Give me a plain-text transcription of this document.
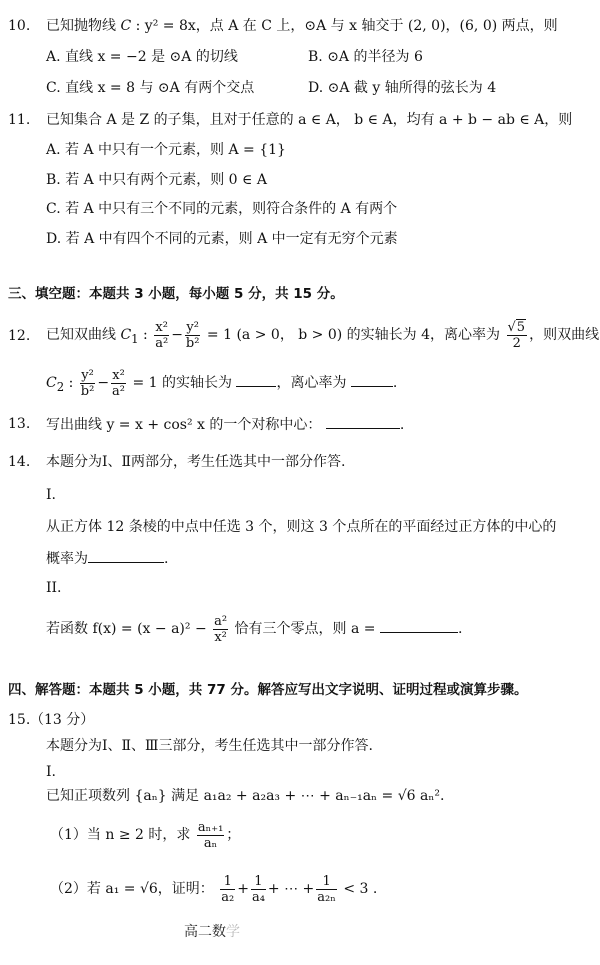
10. 已知抛物线 C : y² = 8x，点 A 在 C 上，⊙A 与 x 轴交于 (2, 0)，(6, 0) 两点，则
A. 直线 x = −2 是 ⊙A 的切线	B. ⊙A 的半径为 6
C. 直线 x = 8 与 ⊙A 有两个交点	D. ⊙A 截 y 轴所得的弦长为 4
11. 已知集合 A 是 Z 的子集，且对于任意的 a ∈ A， b ∈ A，均有 a + b − ab ∈ A，则
A. 若 A 中只有一个元素，则 A = {1}
B. 若 A 中只有两个元素，则 0 ∈ A
C. 若 A 中只有三个不同的元素，则符合条件的 A 有两个
D. 若 A 中有四个不同的元素，则 A 中一定有无穷个元素
三、填空题：本题共 3 小题，每小题 5 分，共 15 分。
12. 已知双曲线 $C_1$ : $\frac{\text{x²}}{\text{a²}} - \frac{\text{y²}}{\text{b²}} = 1$ (a > 0， b > 0) 的实轴长为 4，离心率为 $\frac{√5}{2}$ ，则双曲线
$C_2$ : $\frac{\text{y²}}{\text{b²}} - \frac{\text{x²}}{\text{a²}} = 1$ 的实轴长为	，离心率为	.
13. 写出曲线 y = x + cos² x 的一个对称中心：	.
14. 本题分为Ⅰ、Ⅱ两部分，考生任选其中一部分作答.
I.
从正方体 12 条棱的中点中任选 3 个，则这 3 个点所在的平面经过正方体的中心的
概率为	.
II.
若函数 $f(x) = (x - a)^2 - \frac{\text{a²}}{\text{x²}}$ 恰有三个零点，则 a =	.
四、解答题：本题共 5 小题，共 77 分。解答应写出文字说明、证明过程或演算步骤。
15. （13 分）
本题分为Ⅰ、Ⅱ、Ⅲ三部分，考生任选其中一部分作答.
I.
已知正项数列 {aₙ} 满足 a₁a₂ + a₂a₃ + ⋯ + aₙ₋₁aₙ = √6 aₙ².
（1）当 n ≥ 2 时，求 $\frac{\text{aₙ₊₁}}{\text{aₙ}}$ ；
（2）若 a₁ = √6，证明： $\frac{1}{\text{a₂}} + \frac{1}{\text{a₄}}$ + ⋯ + $\frac{1}{\text{a₂ₙ}} < 3$ .
高二数学
